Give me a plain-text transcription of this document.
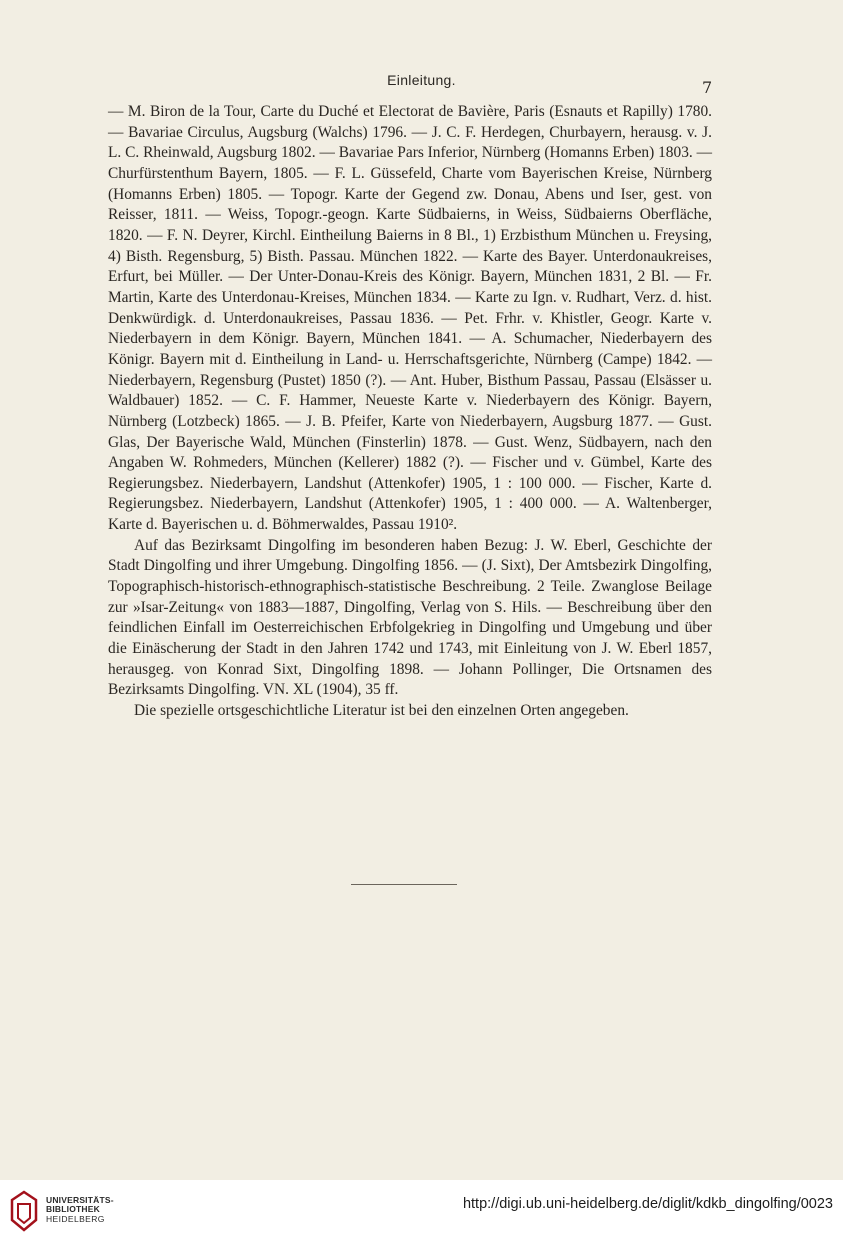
Einleitung.	7

— M. Biron de la Tour, Carte du Duché et Electorat de Bavière, Paris (Esnauts et Rapilly) 1780. — Bavariae Circulus, Augsburg (Walchs) 1796. — J. C. F. Herdegen, Churbayern, herausg. v. J. L. C. Rheinwald, Augsburg 1802. — Bavariae Pars Inferior, Nürnberg (Homanns Erben) 1803. — Churfürstenthum Bayern, 1805. — F. L. Güssefeld, Charte vom Bayerischen Kreise, Nürnberg (Homanns Erben) 1805. — Topogr. Karte der Gegend zw. Donau, Abens und Iser, gest. von Reisser, 1811. — Weiss, Topogr.-geogn. Karte Südbaierns, in Weiss, Südbaierns Oberfläche, 1820. — F. N. Deyrer, Kirchl. Eintheilung Baierns in 8 Bl., 1) Erzbisthum München u. Freysing, 4) Bisth. Regensburg, 5) Bisth. Passau. München 1822. — Karte des Bayer. Unterdonaukreises, Erfurt, bei Müller. — Der Unter-Donau-Kreis des Königr. Bayern, München 1831, 2 Bl. — Fr. Martin, Karte des Unterdonau-Kreises, München 1834. — Karte zu Ign. v. Rudhart, Verz. d. hist. Denkwürdigk. d. Unterdonaukreises, Passau 1836. — Pet. Frhr. v. Khistler, Geogr. Karte v. Niederbayern in dem Königr. Bayern, München 1841. — A. Schumacher, Niederbayern des Königr. Bayern mit d. Eintheilung in Land- u. Herrschaftsgerichte, Nürnberg (Campe) 1842. — Niederbayern, Regensburg (Pustet) 1850 (?). — Ant. Huber, Bisthum Passau, Passau (Elsässer u. Waldbauer) 1852. — C. F. Hammer, Neueste Karte v. Niederbayern des Königr. Bayern, Nürnberg (Lotzbeck) 1865. — J. B. Pfeifer, Karte von Niederbayern, Augsburg 1877. — Gust. Glas, Der Bayerische Wald, München (Finsterlin) 1878. — Gust. Wenz, Südbayern, nach den Angaben W. Rohmeders, München (Kellerer) 1882 (?). — Fischer und v. Gümbel, Karte des Regierungsbez. Niederbayern, Landshut (Attenkofer) 1905, 1 : 100 000. — Fischer, Karte d. Regierungsbez. Niederbayern, Landshut (Attenkofer) 1905, 1 : 400 000. — A. Waltenberger, Karte d. Bayerischen u. d. Böhmerwaldes, Passau 1910².

Auf das Bezirksamt Dingolfing im besonderen haben Bezug: J. W. Eberl, Geschichte der Stadt Dingolfing und ihrer Umgebung. Dingolfing 1856. — (J. Sixt), Der Amtsbezirk Dingolfing, Topographisch-historisch-ethnographisch-statistische Beschreibung. 2 Teile. Zwanglose Beilage zur »Isar-Zeitung« von 1883—1887, Dingolfing, Verlag von S. Hils. — Beschreibung über den feindlichen Einfall im Oesterreichischen Erbfolgekrieg in Dingolfing und Umgebung und über die Einäscherung der Stadt in den Jahren 1742 und 1743, mit Einleitung von J. W. Eberl 1857, herausgeg. von Konrad Sixt, Dingolfing 1898. — Johann Pollinger, Die Ortsnamen des Bezirksamts Dingolfing. VN. XL (1904), 35 ff.

Die spezielle ortsgeschichtliche Literatur ist bei den einzelnen Orten angegeben.

UNIVERSITÄTS-
BIBLIOTHEK
HEIDELBERG
http://digi.ub.uni-heidelberg.de/diglit/kdkb_dingolfing/0023
